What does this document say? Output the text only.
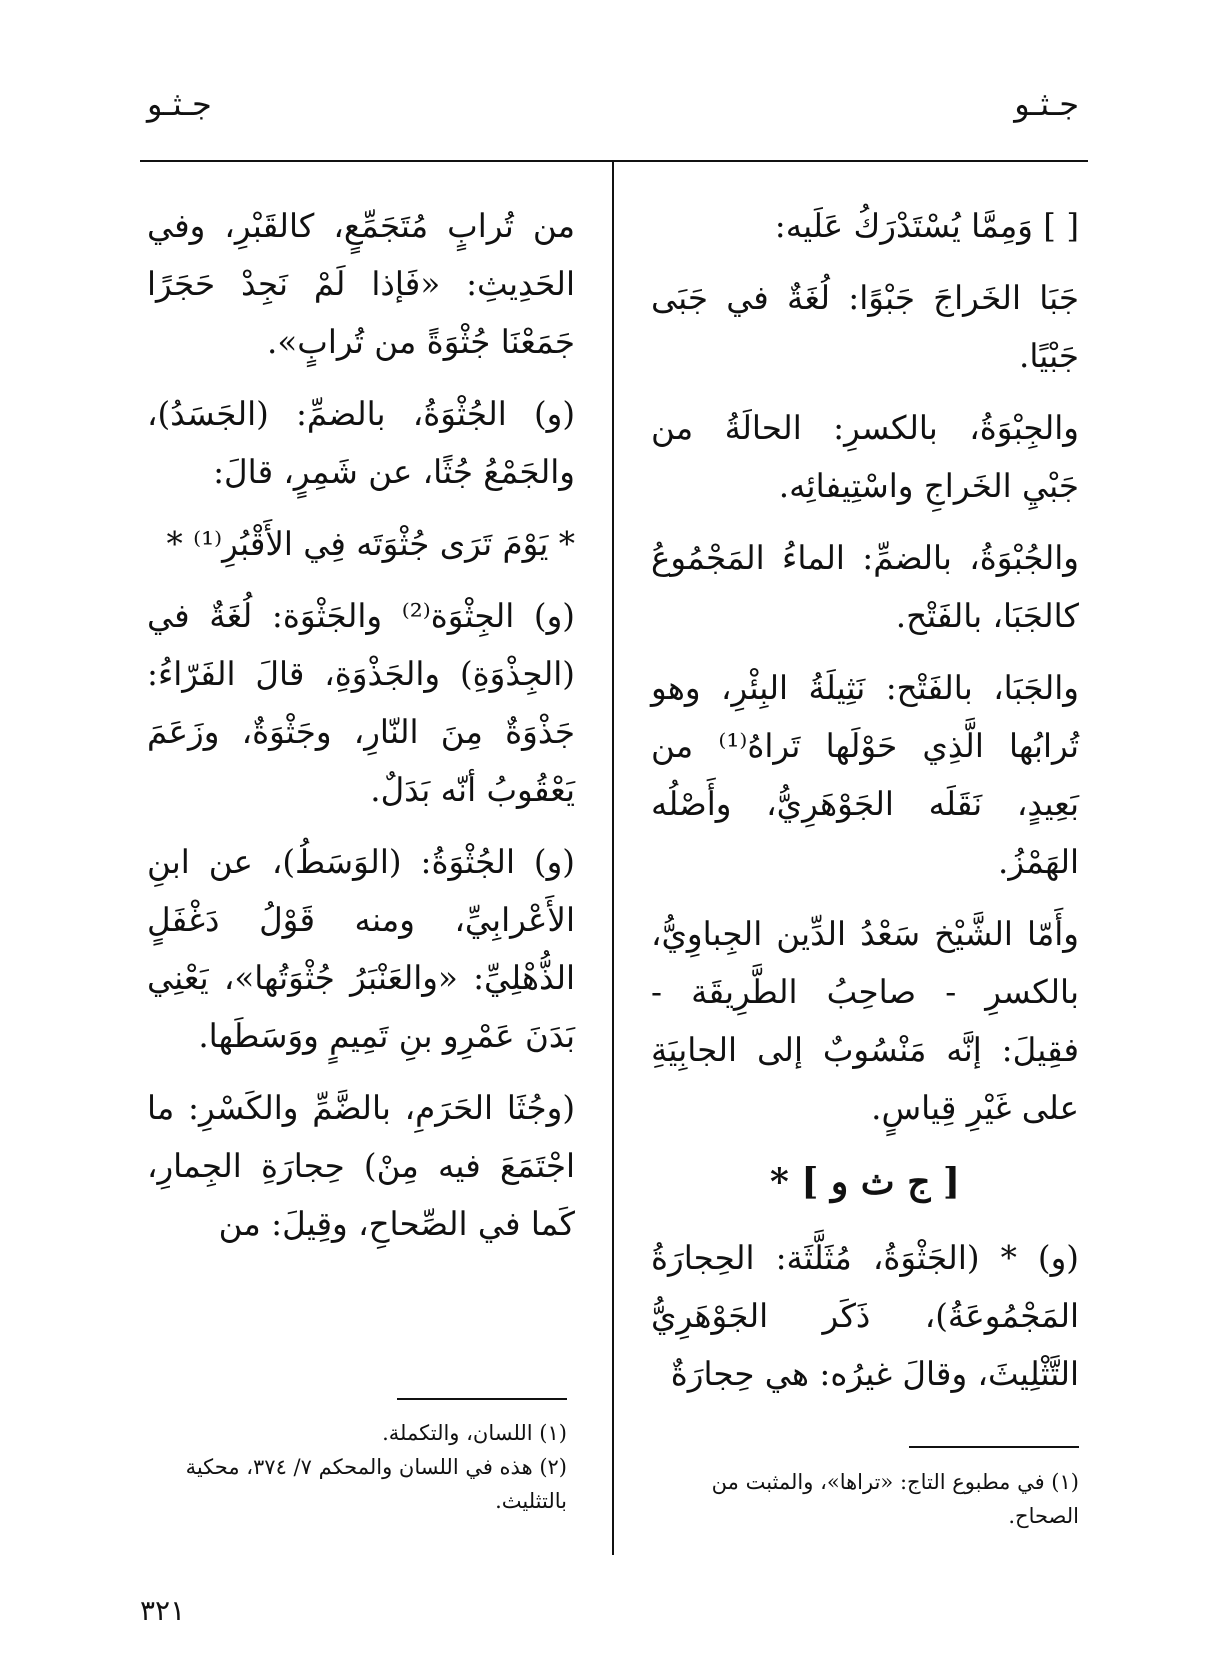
جـثـو
جـثـو

[ ] وَمِمَّا يُسْتَدْرَكُ عَلَيه:

جَبَا الخَراجَ جَبْوًا: لُغَةٌ في جَبَى جَبْيًا.

والجِبْوَةُ، بالكسرِ: الحالَةُ من جَبْيِ الخَراجِ واسْتِيفائِه.

والجُبْوَةُ، بالضمِّ: الماءُ المَجْمُوعُ كالجَبَا، بالفَتْح.

والجَبَا، بالفَتْح: نَثِيلَةُ البِئْرِ، وهو تُرابُها الَّذِي حَوْلَها تَراهُ⁽¹⁾ من بَعِيدٍ، نَقَلَه الجَوْهَرِيُّ، وأَصْلُه الهَمْزُ.

وأَمّا الشَّيْخ سَعْدُ الدِّين الجِباوِيُّ، بالكسرِ - صاحِبُ الطَّرِيقَة - فقِيلَ: إنَّه مَنْسُوبٌ إلى الجابِيَةِ على غَيْرِ قِياسٍ.

[ ج ث و ] *

(و) * (الجَثْوَةُ، مُثَلَّثَة: الحِجارَةُ المَجْمُوعَةُ)، ذَكَر الجَوْهَرِيُّ التَّثْلِيثَ، وقالَ غيرُه: هي حِجارَةٌ

من تُرابٍ مُتَجَمِّعٍ، كالقَبْرِ، وفي الحَدِيثِ: «فَإذا لَمْ نَجِدْ حَجَرًا جَمَعْنَا جُثْوَةً من تُرابٍ».

(و) الجُثْوَةُ، بالضمِّ: (الجَسَدُ)، والجَمْعُ جُثًا، عن شَمِرٍ، قالَ:

* يَوْمَ تَرَى جُثْوَتَه فِي الأَقْبُرِ⁽¹⁾ *

(و) الجِثْوَة⁽²⁾ والجَثْوَة: لُغَةٌ في (الجِذْوَةِ) والجَذْوَةِ، قالَ الفَرّاءُ: جَذْوَةٌ مِنَ النّارِ، وجَثْوَةٌ، وزَعَمَ يَعْقُوبُ أنّه بَدَلٌ.

(و) الجُثْوَةُ: (الوَسَطُ)، عن ابنِ الأَعْرابِيِّ، ومنه قَوْلُ دَغْفَلٍ الذُّهْلِيِّ: «والعَنْبَرُ جُثْوَتُها»، يَعْنِي بَدَنَ عَمْرِو بنِ تَمِيمٍ ووَسَطَها.

(وجُثَا الحَرَمِ، بالضَّمِّ والكَسْرِ: ما اجْتَمَعَ فيه مِنْ) حِجارَةِ الجِمارِ، كَما في الصِّحاحِ، وقِيلَ: من

(١) في مطبوع التاج: «تراها»، والمثبت من الصحاح.

(١) اللسان، والتكملة.

(٢) هذه في اللسان والمحكم ٧/ ٣٧٤، محكية بالتثليث.

٣٢١
